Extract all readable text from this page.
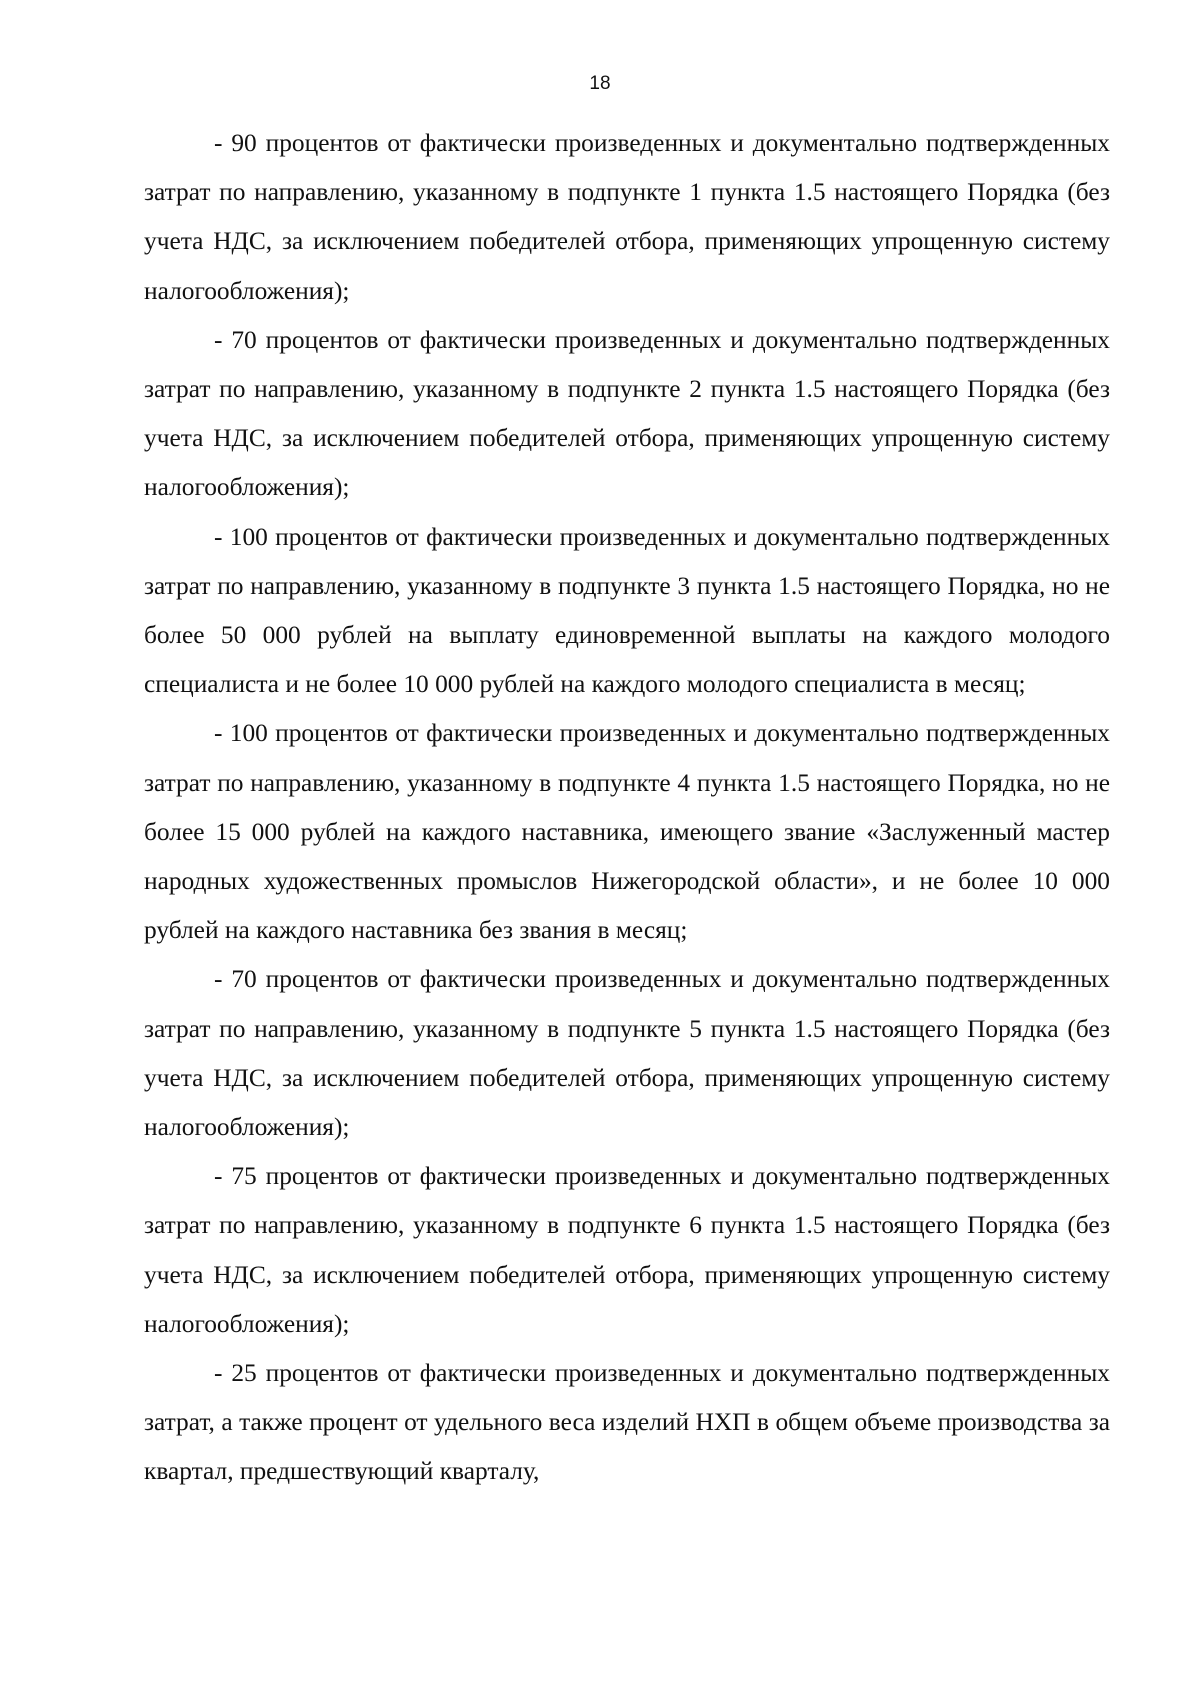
18

- 90 процентов от фактически произведенных и документально подтвержденных затрат по направлению, указанному в подпункте 1 пункта 1.5 настоящего Порядка (без учета НДС, за исключением победителей отбора, применяющих упрощенную систему налогообложения);

- 70 процентов от фактически произведенных и документально подтвержденных затрат по направлению, указанному в подпункте 2 пункта 1.5 настоящего Порядка (без учета НДС, за исключением победителей отбора, применяющих упрощенную систему налогообложения);

- 100 процентов от фактически произведенных и документально подтвержденных затрат по направлению, указанному в подпункте 3 пункта 1.5 настоящего Порядка, но не более 50 000 рублей на выплату единовременной выплаты на каждого молодого специалиста и не более 10 000 рублей на каждого молодого специалиста в месяц;

- 100 процентов от фактически произведенных и документально подтвержденных затрат по направлению, указанному в подпункте 4 пункта 1.5 настоящего Порядка, но не более 15 000 рублей на каждого наставника, имеющего звание «Заслуженный мастер народных художественных промыслов Нижегородской области», и не более 10 000 рублей на каждого наставника без звания в месяц;

- 70 процентов от фактически произведенных и документально подтвержденных затрат по направлению, указанному в подпункте 5 пункта 1.5 настоящего Порядка (без учета НДС, за исключением победителей отбора, применяющих упрощенную систему налогообложения);

- 75 процентов от фактически произведенных и документально подтвержденных затрат по направлению, указанному в подпункте 6 пункта 1.5 настоящего Порядка (без учета НДС, за исключением победителей отбора, применяющих упрощенную систему налогообложения);

- 25 процентов от фактически произведенных и документально подтвержденных затрат, а также процент от удельного веса изделий НХП в общем объеме производства за квартал, предшествующий кварталу,
